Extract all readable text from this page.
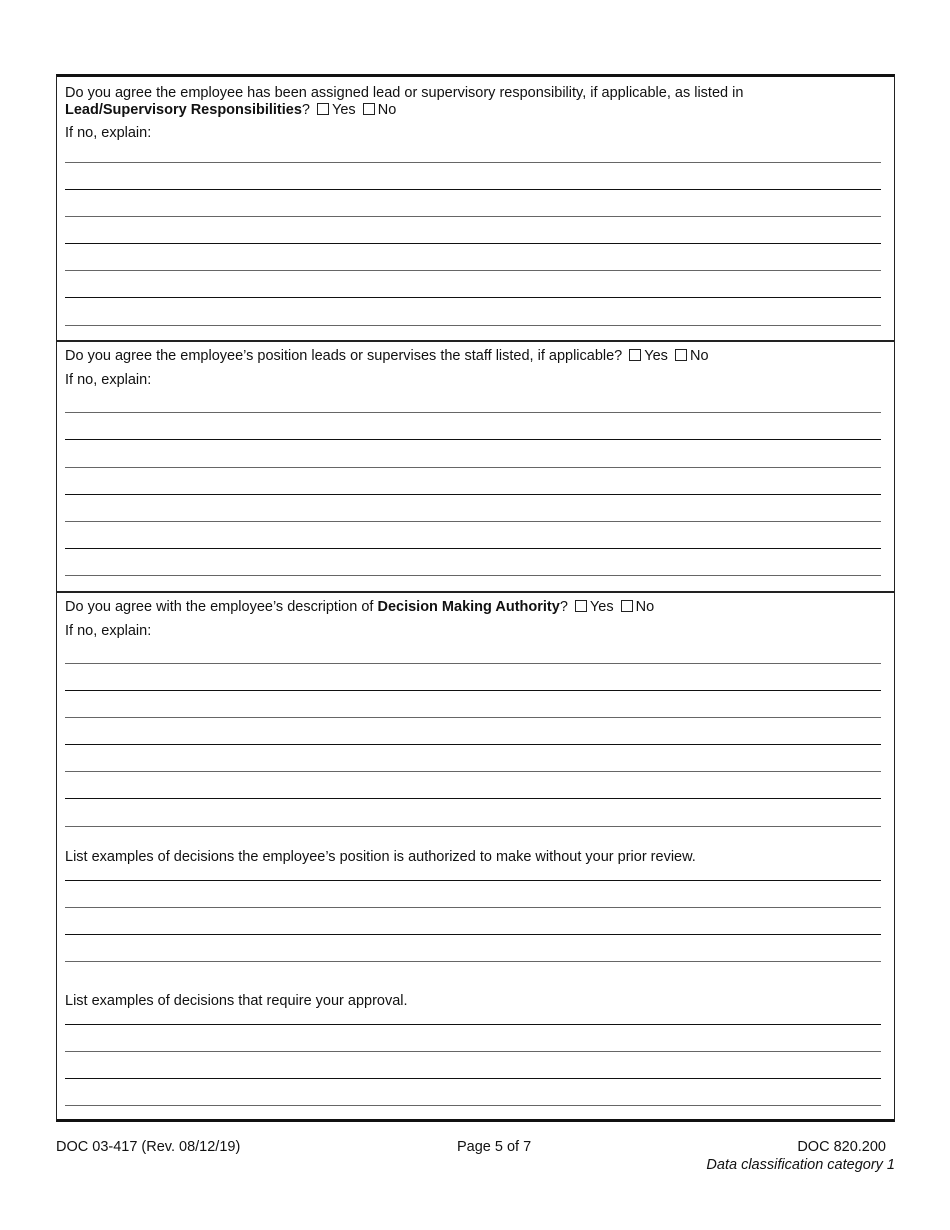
Do you agree the employee has been assigned lead or supervisory responsibility, if applicable, as listed in
Lead/Supervisory Responsibilities? Yes No
If no, explain:
Do you agree the employee’s position leads or supervises the staff listed, if applicable? Yes No
If no, explain:
Do you agree with the employee’s description of Decision Making Authority? Yes No
If no, explain:
List examples of decisions the employee’s position is authorized to make without your prior review.
List examples of decisions that require your approval.
DOC 03-417 (Rev. 08/12/19)	Page 5 of 7	DOC 820.200
Data classification category 1
